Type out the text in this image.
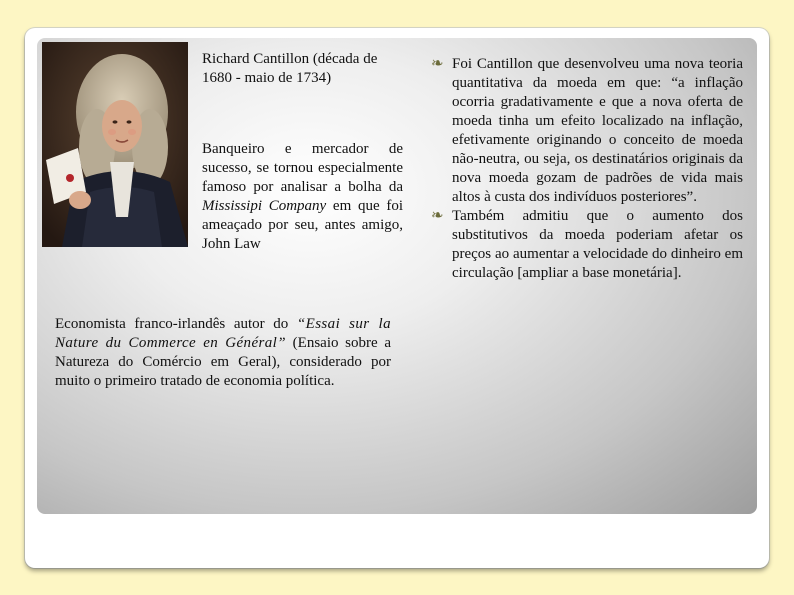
Richard Cantillon (década de 1680 - maio de 1734)
Banqueiro e mercador de sucesso, se tornou especialmente famoso por analisar a bolha da Mississipi Company em que foi ameaçado por seu, antes amigo, John Law
Economista franco-irlandês autor do “Essai sur la Nature du Commerce en Général” (Ensaio sobre a Natureza do Comércio em Geral), considerado por muito o primeiro tratado de economia política.
❧ Foi Cantillon que desenvolveu uma nova teoria quantitativa da moeda em que: “a inflação ocorria gradativamente e que a nova oferta de moeda tinha um efeito localizado na inflação, efetivamente originando o conceito de moeda não-neutra, ou seja, os destinatários originais da nova moeda gozam de padrões de vida mais altos à custa dos indivíduos posteriores”.
❧ Também admitiu que o aumento dos substitutivos da moeda poderiam afetar os preços ao aumentar a velocidade do dinheiro em circulação [ampliar a base monetária].
